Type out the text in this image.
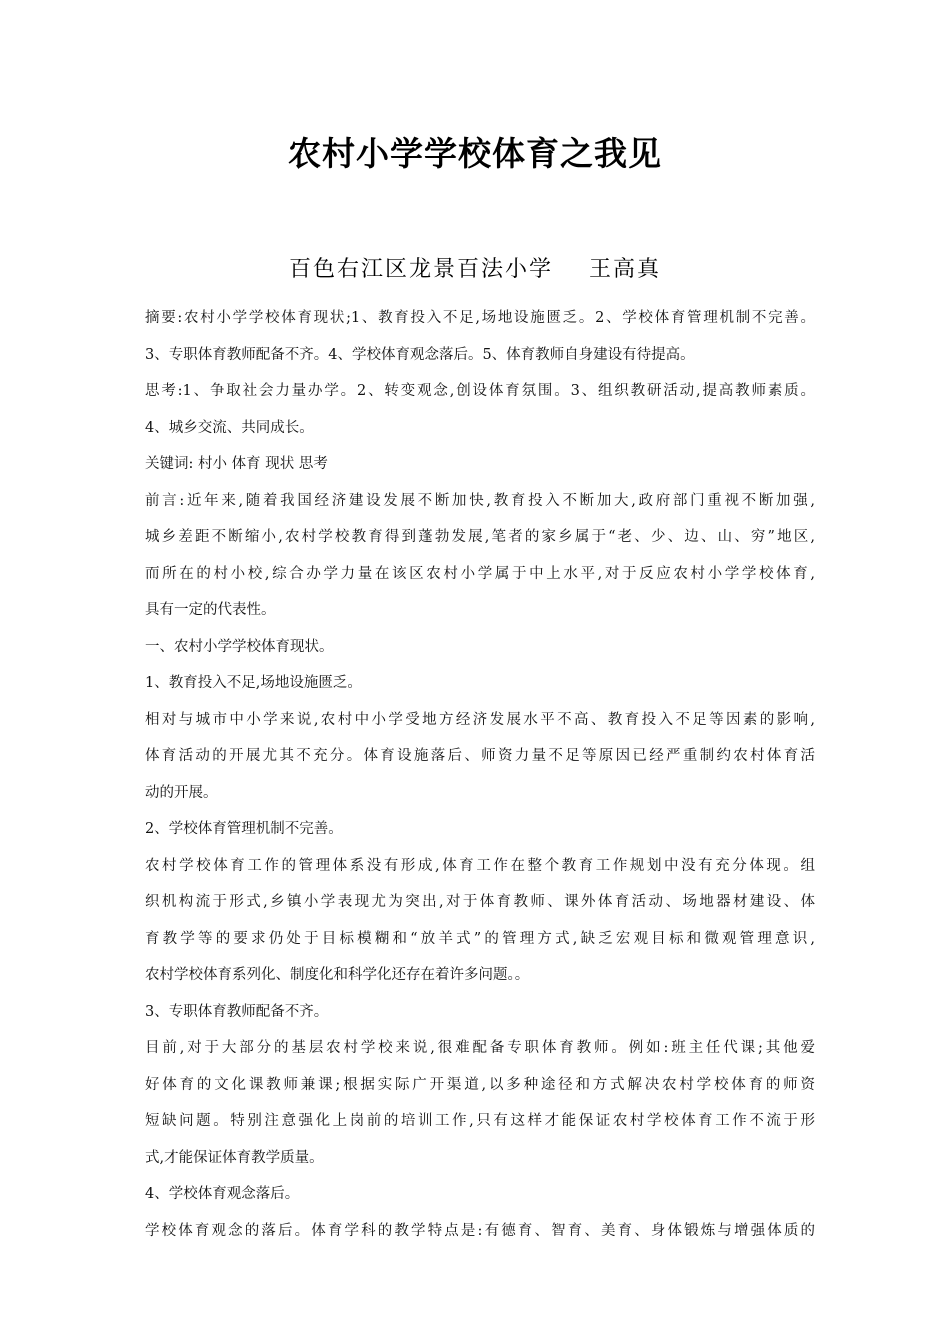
农村小学学校体育之我见
百色右江区龙景百法小学    王高真
摘要:农村小学学校体育现状;1、教育投入不足,场地设施匮乏。2、学校体育管理机制不完善。
3、专职体育教师配备不齐。4、学校体育观念落后。5、体育教师自身建设有待提高。
思考:1、争取社会力量办学。2、转变观念,创设体育氛围。3、组织教研活动,提高教师素质。
4、城乡交流、共同成长。
关键词: 村小 体育 现状 思考
前言:近年来,随着我国经济建设发展不断加快,教育投入不断加大,政府部门重视不断加强,
城乡差距不断缩小,农村学校教育得到蓬勃发展,笔者的家乡属于“老、少、边、山、穷”地区,
而所在的村小校,综合办学力量在该区农村小学属于中上水平,对于反应农村小学学校体育,
具有一定的代表性。
一、农村小学学校体育现状。
1、教育投入不足,场地设施匮乏。
相对与城市中小学来说,农村中小学受地方经济发展水平不高、教育投入不足等因素的影响,
体育活动的开展尤其不充分。体育设施落后、师资力量不足等原因已经严重制约农村体育活
动的开展。
2、学校体育管理机制不完善。
农村学校体育工作的管理体系没有形成,体育工作在整个教育工作规划中没有充分体现。组
织机构流于形式,乡镇小学表现尤为突出,对于体育教师、课外体育活动、场地器材建设、体
育教学等的要求仍处于目标模糊和“放羊式”的管理方式,缺乏宏观目标和微观管理意识,
农村学校体育系列化、制度化和科学化还存在着许多问题。。
3、专职体育教师配备不齐。
目前,对于大部分的基层农村学校来说,很难配备专职体育教师。例如:班主任代课;其他爱
好体育的文化课教师兼课;根据实际广开渠道,以多种途径和方式解决农村学校体育的师资
短缺问题。特别注意强化上岗前的培训工作,只有这样才能保证农村学校体育工作不流于形
式,才能保证体育教学质量。
4、学校体育观念落后。
学校体育观念的落后。体育学科的教学特点是:有德育、智育、美育、身体锻炼与增强体质的
